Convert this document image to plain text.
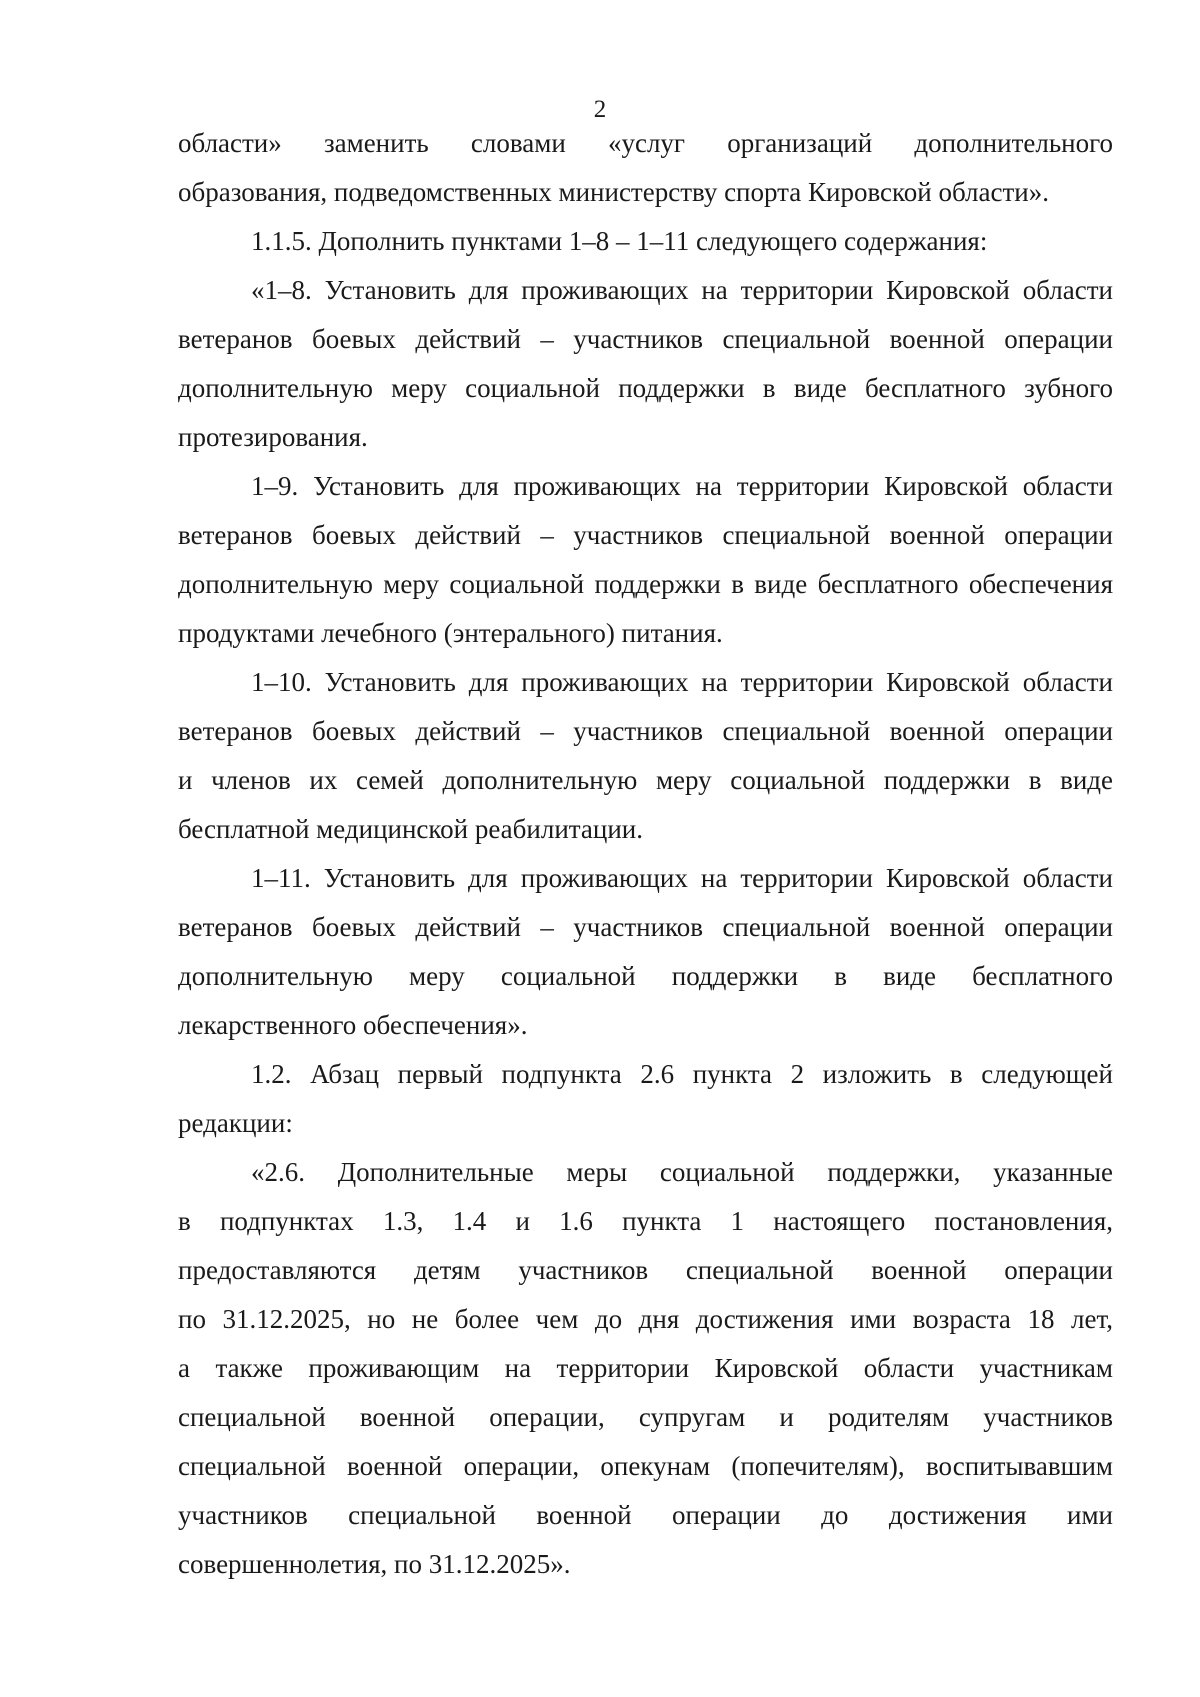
2
области»  заменить  словами  «услуг  организаций  дополнительного
образования, подведомственных министерству спорта Кировской области».
1.1.5. Дополнить пунктами 1–8 – 1–11 следующего содержания:
«1–8. Установить для проживающих на территории Кировской области
ветеранов боевых действий – участников специальной военной операции
дополнительную меру социальной поддержки в виде бесплатного зубного
протезирования.
1–9. Установить для проживающих на территории Кировской области
ветеранов боевых действий – участников специальной военной операции
дополнительную меру социальной поддержки в виде бесплатного обеспечения
продуктами лечебного (энтерального) питания.
1–10. Установить для проживающих на территории Кировской области
ветеранов боевых действий – участников специальной военной операции
и членов их семей дополнительную меру социальной поддержки в виде
бесплатной медицинской реабилитации.
1–11. Установить для проживающих на территории Кировской области
ветеранов боевых действий – участников специальной военной операции
дополнительную меру социальной поддержки в виде бесплатного
лекарственного обеспечения».
1.2. Абзац первый подпункта 2.6 пункта 2 изложить в следующей
редакции:
«2.6. Дополнительные меры социальной поддержки, указанные
в подпунктах 1.3, 1.4 и 1.6 пункта 1 настоящего постановления,
предоставляются детям участников специальной военной операции
по 31.12.2025, но не более чем до дня достижения ими возраста 18 лет,
а также проживающим на территории Кировской области участникам
специальной военной операции, супругам и родителям участников
специальной военной операции, опекунам (попечителям), воспитывавшим
участников специальной военной операции до достижения ими
совершеннолетия, по 31.12.2025».
